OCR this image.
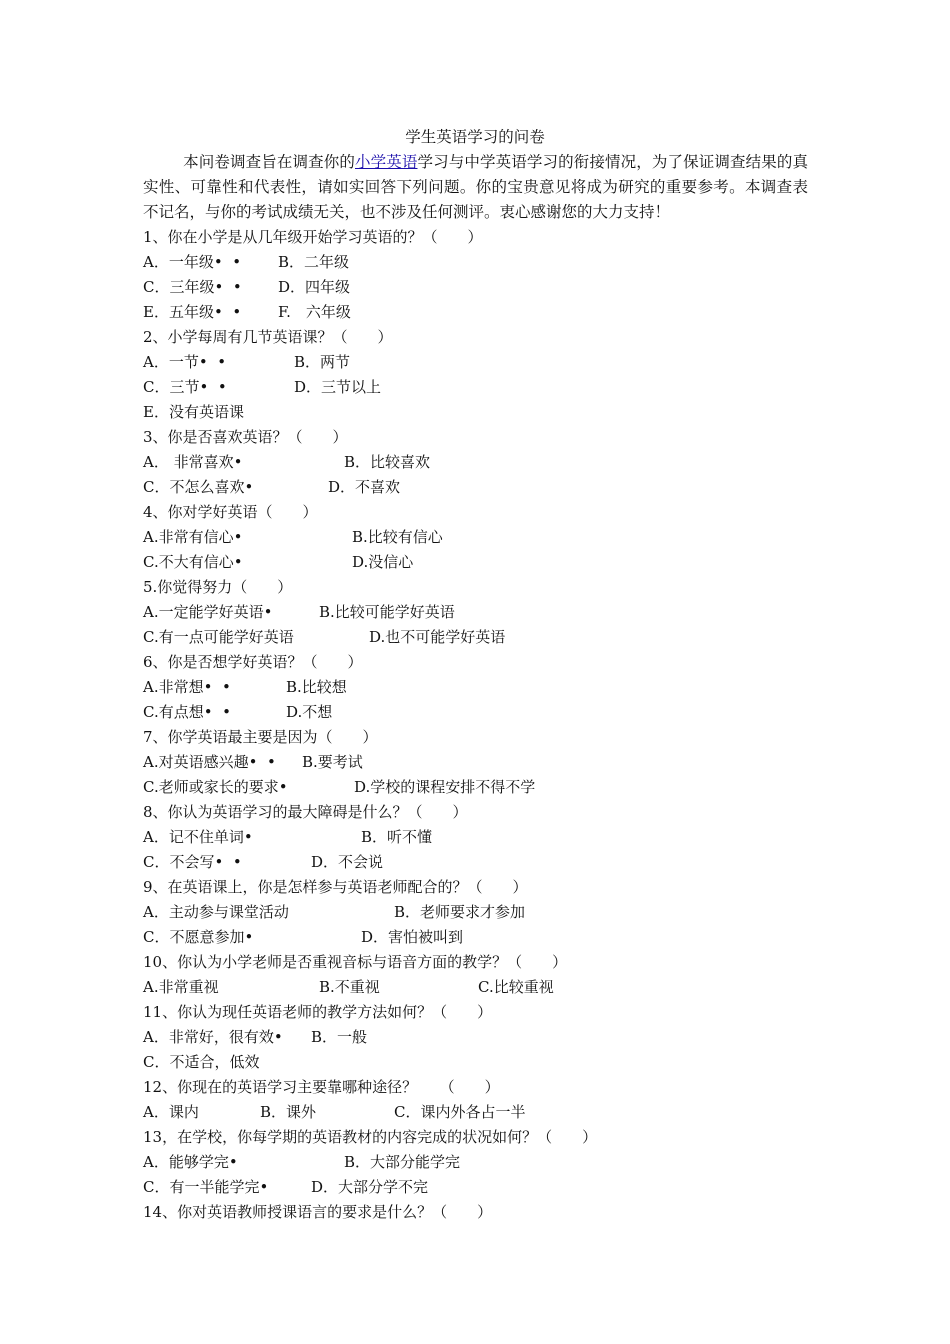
学生英语学习的问卷
本问卷调查旨在调查你的小学英语学习与中学英语学习的衔接情况，为了保证调查结果的真实性、可靠性和代表性，请如实回答下列问题。你的宝贵意见将成为研究的重要参考。本调查表不记名，与你的考试成绩无关，也不涉及任何测评。衷心感谢您的大力支持！
1、你在小学是从几年级开始学习英语的？（　　）
A．一年级•  • B．二年级
C．三年级•  • D．四年级
E．五年级•  • F.　六年级
2、小学每周有几节英语课？（　　）
A．一节•  •	B．两节
C．三节•  •	D．三节以上
E．没有英语课
3、你是否喜欢英语？（　　）
A． 非常喜欢•	B．比较喜欢
C．不怎么喜欢•	D．不喜欢
4、你对学好英语（　　）
A.非常有信心•	B.比较有信心
C.不大有信心•	D.没信心
5.你觉得努力（　　）
A.一定能学好英语•	B.比较可能学好英语
C.有一点可能学好英语	D.也不可能学好英语
6、你是否想学好英语？（　　）
A.非常想•  •	B.比较想
C.有点想•  •	D.不想
7、你学英语最主要是因为（　　）
A.对英语感兴趣•  • B.要考试
C.老师或家长的要求•	D.学校的课程安排不得不学
8、你认为英语学习的最大障碍是什么？（　　）
A．记不住单词•	B．听不懂
C．不会写•  •	D．不会说
9、在英语课上，你是怎样参与英语老师配合的？（　　）
A．主动参与课堂活动	B．老师要求才参加
C．不愿意参加•	D．害怕被叫到
10、你认为小学老师是否重视音标与语音方面的教学？（　　）
A.非常重视	B.不重视	C.比较重视
11、你认为现任英语老师的教学方法如何？（　　）
A．非常好，很有效• B．一般
C．不适合，低效
12、你现在的英语学习主要靠哪种途径？　　（　　）
A．课内	B．课外	C．课内外各占一半
13，在学校，你每学期的英语教材的内容完成的状况如何？（　　）
A．能够学完•	B．大部分能学完
C．有一半能学完•	D．大部分学不完
14、你对英语教师授课语言的要求是什么？（　　）
